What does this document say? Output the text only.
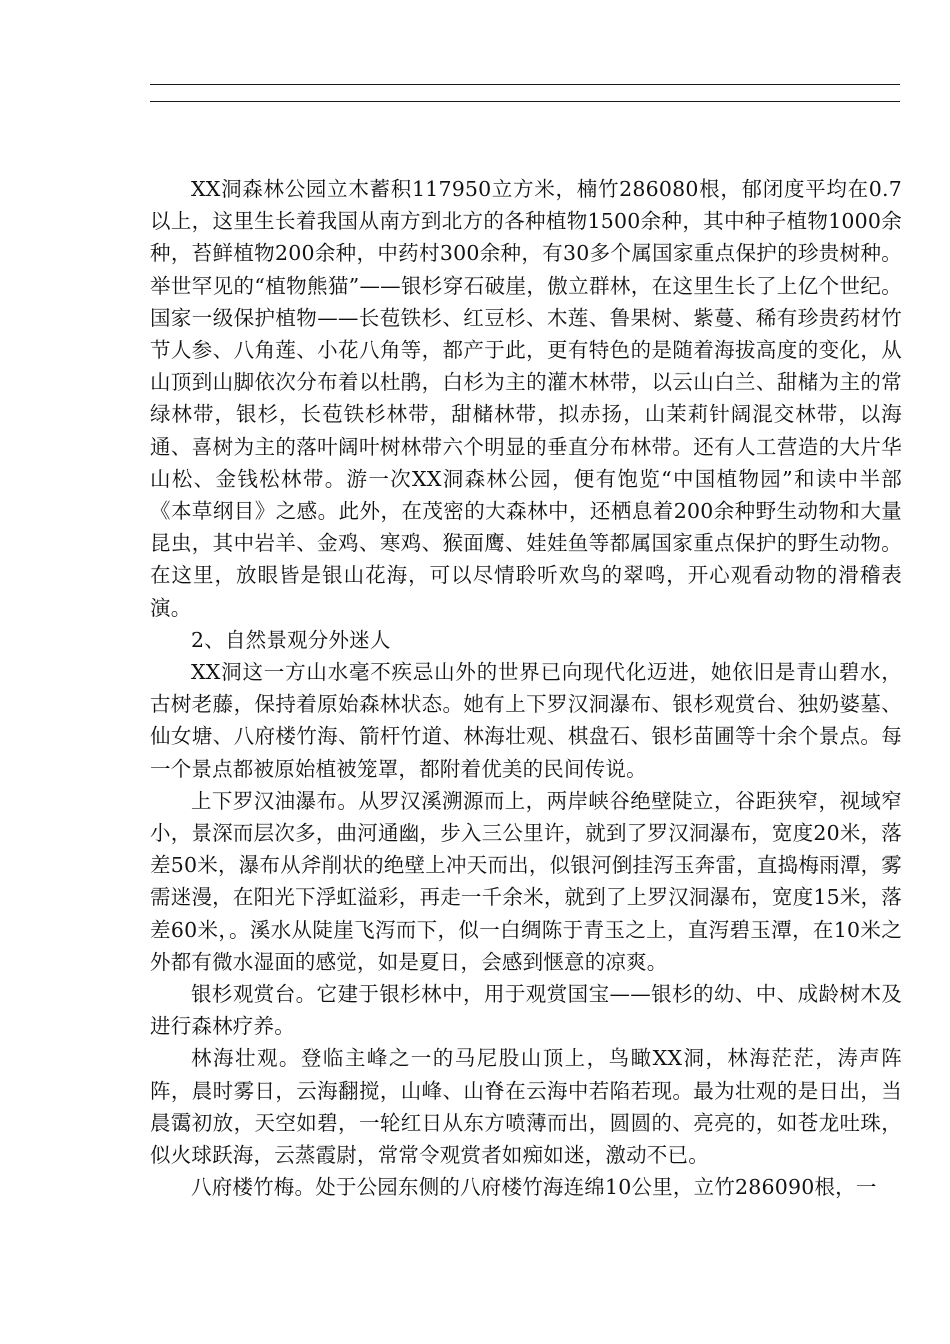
XX洞森林公园立木蓄积117950立方米，楠竹286080根，郁闭度平均在0.7以上，这里生长着我国从南方到北方的各种植物1500余种，其中种子植物1000余种，苔鲜植物200余种，中药村300余种，有30多个属国家重点保护的珍贵树种。举世罕见的“植物熊猫”——银杉穿石破崖，傲立群林，在这里生长了上亿个世纪。国家一级保护植物——长苞铁杉、红豆杉、木莲、鲁果树、紫蔓、稀有珍贵药材竹节人参、八角莲、小花八角等，都产于此，更有特色的是随着海拔高度的变化，从山顶到山脚依次分布着以杜鹃，白杉为主的灌木林带，以云山白兰、甜槠为主的常绿林带，银杉，长苞铁杉林带，甜槠林带，拟赤扬，山茉莉针阔混交林带，以海通、喜树为主的落叶阔叶树林带六个明显的垂直分布林带。还有人工营造的大片华山松、金钱松林带。游一次XX洞森林公园，便有饱览“中国植物园”和读中半部《本草纲目》之感。此外，在茂密的大森林中，还栖息着200余种野生动物和大量昆虫，其中岩羊、金鸡、寒鸡、猴面鹰、娃娃鱼等都属国家重点保护的野生动物。在这里，放眼皆是银山花海，可以尽情聆听欢鸟的翠鸣，开心观看动物的滑稽表演。

2、自然景观分外迷人

XX洞这一方山水毫不疾忌山外的世界已向现代化迈进，她依旧是青山碧水，古树老藤，保持着原始森林状态。她有上下罗汉洞瀑布、银杉观赏台、独奶婆墓、仙女塘、八府楼竹海、箭杆竹道、林海壮观、棋盘石、银杉苗圃等十余个景点。每一个景点都被原始植被笼罩，都附着优美的民间传说。

上下罗汉油瀑布。从罗汉溪溯源而上，两岸峡谷绝壁陡立，谷距狭窄，视域窄小，景深而层次多，曲河通幽，步入三公里许，就到了罗汉洞瀑布，宽度20米，落差50米，瀑布从斧削状的绝壁上冲天而出，似银河倒挂泻玉奔雷，直捣梅雨潭，雾需迷漫，在阳光下浮虹溢彩，再走一千余米，就到了上罗汉洞瀑布，宽度15米，落差60米，。溪水从陡崖飞泻而下，似一白绸陈于青玉之上，直泻碧玉潭，在10米之外都有微水湿面的感觉，如是夏日，会感到惬意的凉爽。

银杉观赏台。它建于银杉林中，用于观赏国宝——银杉的幼、中、成龄树木及进行森林疗养。

林海壮观。登临主峰之一的马尼股山顶上，鸟瞰XX洞，林海茫茫，涛声阵阵，晨时雾日，云海翻搅，山峰、山脊在云海中若陷若现。最为壮观的是日出，当晨霭初放，天空如碧，一轮红日从东方喷薄而出，圆圆的、亮亮的，如苍龙吐珠，似火球跃海，云蒸霞尉，常常令观赏者如痴如迷，激动不已。

八府楼竹梅。处于公园东侧的八府楼竹海连绵10公里，立竹286090根，一
